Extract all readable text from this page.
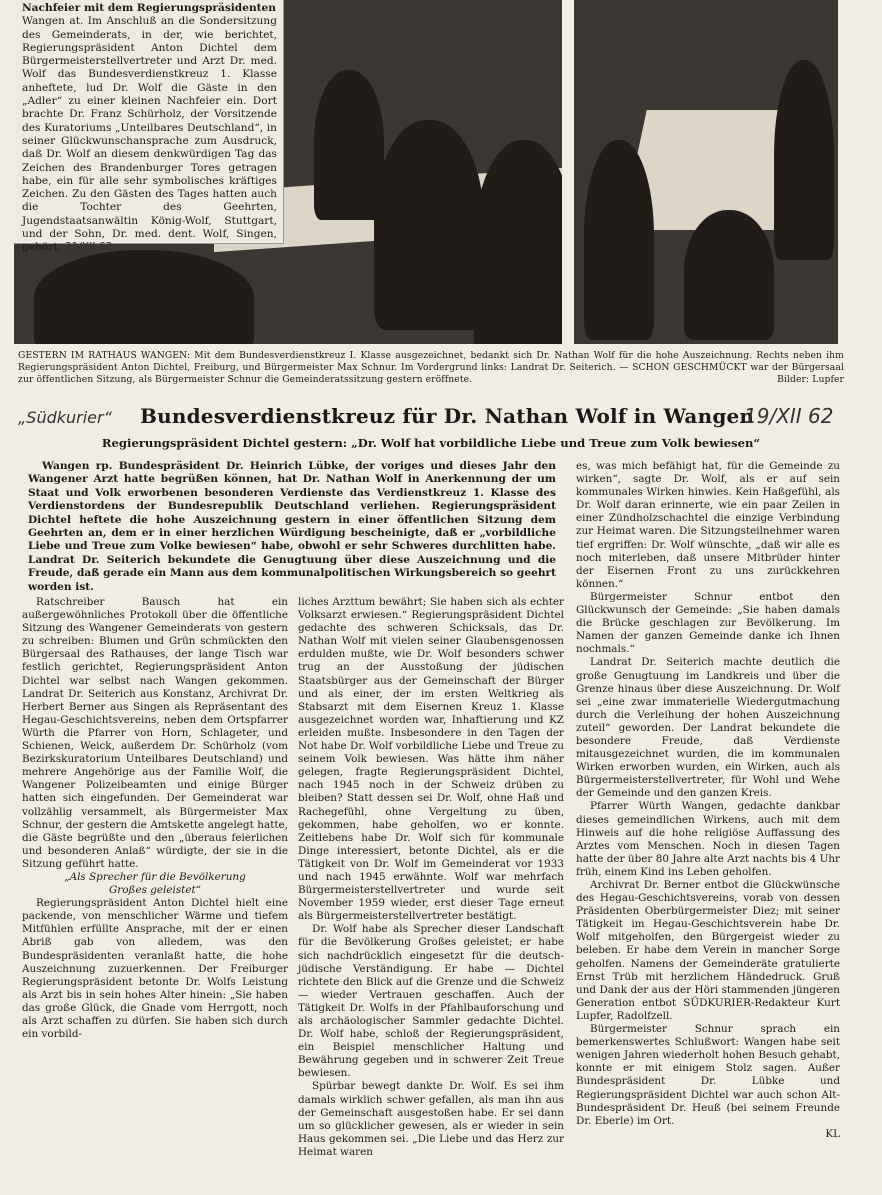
Nachfeier mit dem Regierungspräsidenten
Wangen at. Im Anschluß an die Sondersitzung des Gemeinderats, in der, wie berichtet, Regierungspräsident Anton Dichtel dem Bürgermeisterstellvertreter und Arzt Dr. med. Wolf das Bundesverdienstkreuz 1. Klasse anheftete, lud Dr. Wolf die Gäste in den „Adler“ zu einer kleinen Nachfeier ein. Dort brachte Dr. Franz Schürholz, der Vorsitzende des Kuratoriums „Unteilbares Deutschland“, in seiner Glückwunschansprache zum Ausdruck, daß Dr. Wolf an diesem denkwürdigen Tag das Zeichen des Brandenburger Tores getragen habe, ein für alle sehr symbolisches kräftiges Zeichen. Zu den Gästen des Tages hatten auch die Tochter des Geehrten, Jugendstaatsanwältin König-Wolf, Stuttgart, und der Sohn, Dr. med. dent. Wolf, Singen, gehört. 21/XII 62
GESTERN IM RATHAUS WANGEN: Mit dem Bundesverdienstkreuz I. Klasse ausgezeichnet, bedankt sich Dr. Nathan Wolf für die hohe Auszeichnung. Rechts neben ihm Regierungspräsident Anton Dichtel, Freiburg, und Bürgermeister Max Schnur. Im Vordergrund links: Landrat Dr. Seiterich. — SCHON GESCHMÜCKT war der Bürgersaal zur öffentlichen Sitzung, als Bürgermeister Schnur die Gemeinderatssitzung gestern eröffnete.	Bilder: Lupfer
„Südkurier“ Bundesverdienstkreuz für Dr. Nathan Wolf in Wangen
19/XII 62
Regierungspräsident Dichtel gestern: „Dr. Wolf hat vorbildliche Liebe und Treue zum Volk bewiesen“
Wangen rp. Bundespräsident Dr. Heinrich Lübke, der voriges und dieses Jahr den Wangener Arzt hatte begrüßen können, hat Dr. Nathan Wolf in Anerkennung der um Staat und Volk erworbenen besonderen Verdienste das Verdienstkreuz 1. Klasse des Verdienstordens der Bundesrepublik Deutschland verliehen. Regierungspräsident Dichtel heftete die hohe Auszeichnung gestern in einer öffentlichen Sitzung dem Geehrten an, dem er in einer herzlichen Würdigung bescheinigte, daß er „vorbildliche Liebe und Treue zum Volke bewiesen“ habe, obwohl er sehr Schweres durchlitten habe. Landrat Dr. Seiterich bekundete die Genugtuung über diese Auszeichnung und die Freude, daß gerade ein Mann aus dem kommunalpolitischen Wirkungsbereich so geehrt worden ist.

Ratschreiber Bausch hat ein außergewöhnliches Protokoll über die öffentliche Sitzung des Wangener Gemeinderats von gestern zu schreiben: Blumen und Grün schmückten den Bürgersaal des Rathauses, der lange Tisch war festlich gerichtet, Regierungspräsident Anton Dichtel war selbst nach Wangen gekommen. Landrat Dr. Seiterich aus Konstanz, Archivrat Dr. Herbert Berner aus Singen als Repräsentant des Hegau-Geschichtsvereins, neben dem Ortspfarrer Würth die Pfarrer von Horn, Schlageter, und Schienen, Weick, außerdem Dr. Schürholz (vom Bezirkskuratorium Unteilbares Deutschland) und mehrere Angehörige aus der Familie Wolf, die Wangener Polizeibeamten und einige Bürger hatten sich eingefunden. Der Gemeinderat war vollzählig versammelt, als Bürgermeister Max Schnur, der gestern die Amtskette angelegt hatte, die Gäste begrüßte und den „überaus feierlichen und besonderen Anlaß“ würdigte, der sie in die Sitzung geführt hatte.

„Als Sprecher für die Bevölkerung

Großes geleistet“

Regierungspräsident Anton Dichtel hielt eine packende, von menschlicher Wärme und tiefem Mitfühlen erfüllte Ansprache, mit der er einen Abriß gab von alledem, was den Bundespräsidenten veranlaßt hatte, die hohe Auszeichnung zuzuerkennen. Der Freiburger Regierungspräsident betonte Dr. Wolfs Leistung als Arzt bis in sein hohes Alter hinein: „Sie haben das große Glück, die Gnade vom Herrgott, noch als Arzt schaffen zu dürfen. Sie haben sich durch ein vorbild-

liches Arzttum bewährt; Sie haben sich als echter Volksarzt erwiesen.“ Regierungspräsident Dichtel gedachte des schweren Schicksals, das Dr. Nathan Wolf mit vielen seiner Glaubensgenossen erdulden mußte, wie Dr. Wolf besonders schwer trug an der Ausstoßung der jüdischen Staatsbürger aus der Gemeinschaft der Bürger und als einer, der im ersten Weltkrieg als Stabsarzt mit dem Eisernen Kreuz 1. Klasse ausgezeichnet worden war, Inhaftierung und KZ erleiden mußte. Insbesondere in den Tagen der Not habe Dr. Wolf vorbildliche Liebe und Treue zu seinem Volk bewiesen. Was hätte ihm näher gelegen, fragte Regierungspräsident Dichtel, nach 1945 noch in der Schweiz drüben zu bleiben? Statt dessen sei Dr. Wolf, ohne Haß und Rachegefühl, ohne Vergeltung zu üben, gekommen, habe geholfen, wo er konnte. Zeitlebens habe Dr. Wolf sich für kommunale Dinge interessiert, betonte Dichtel, als er die Tätigkeit von Dr. Wolf im Gemeinderat vor 1933 und nach 1945 erwähnte. Wolf war mehrfach Bürgermeisterstellvertreter und wurde seit November 1959 wieder, erst dieser Tage erneut als Bürgermeisterstellvertreter bestätigt.

Dr. Wolf habe als Sprecher dieser Landschaft für die Bevölkerung Großes geleistet; er habe sich nachdrücklich eingesetzt für die deutsch-jüdische Verständigung. Er habe — Dichtel richtete den Blick auf die Grenze und die Schweiz — wieder Vertrauen geschaffen. Auch der Tätigkeit Dr. Wolfs in der Pfahlbauforschung und als archäologischer Sammler gedachte Dichtel. Dr. Wolf habe, schloß der Regierungspräsident, ein Beispiel menschlicher Haltung und Bewährung gegeben und in schwerer Zeit Treue bewiesen.

Spürbar bewegt dankte Dr. Wolf. Es sei ihm damals wirklich schwer gefallen, als man ihn aus der Gemeinschaft ausgestoßen habe. Er sei dann um so glücklicher gewesen, als er wieder in sein Haus gekommen sei. „Die Liebe und das Herz zur Heimat waren

es, was mich befähigt hat, für die Gemeinde zu wirken“, sagte Dr. Wolf, als er auf sein kommunales Wirken hinwies. Kein Haßgefühl, als Dr. Wolf daran erinnerte, wie ein paar Zeilen in einer Zündholzschachtel die einzige Verbindung zur Heimat waren. Die Sitzungsteilnehmer waren tief ergriffen: Dr. Wolf wünschte, „daß wir alle es noch miterleben, daß unsere Mitbrüder hinter der Eisernen Front zu uns zurückkehren können.“

Bürgermeister Schnur entbot den Glückwunsch der Gemeinde: „Sie haben damals die Brücke geschlagen zur Bevölkerung. Im Namen der ganzen Gemeinde danke ich Ihnen nochmals.“

Landrat Dr. Seiterich machte deutlich die große Genugtuung im Landkreis und über die Grenze hinaus über diese Auszeichnung. Dr. Wolf sei „eine zwar immaterielle Wiedergutmachung durch die Verleihung der hohen Auszeichnung zuteil“ geworden. Der Landrat bekundete die besondere Freude, daß Verdienste mitausgezeichnet wurden, die im kommunalen Wirken erworben wurden, ein Wirken, auch als Bürgermeisterstellvertreter, für Wohl und Wehe der Gemeinde und den ganzen Kreis.

Pfarrer Würth Wangen, gedachte dankbar dieses gemeindlichen Wirkens, auch mit dem Hinweis auf die hohe religiöse Auffassung des Arztes vom Menschen. Noch in diesen Tagen hatte der über 80 Jahre alte Arzt nachts bis 4 Uhr früh, einem Kind ins Leben geholfen.

Archivrat Dr. Berner entbot die Glückwünsche des Hegau-Geschichtsvereins, vorab von dessen Präsidenten Oberbürgermeister Diez; mit seiner Tätigkeit im Hegau-Geschichtsverein habe Dr. Wolf mitgeholfen, den Bürgergeist wieder zu beleben. Er habe dem Verein in mancher Sorge geholfen. Namens der Gemeinderäte gratulierte Ernst Trüb mit herzlichem Händedruck. Gruß und Dank der aus der Höri stammenden jüngeren Generation entbot SÜDKURIER-Redakteur Kurt Lupfer, Radolfzell.

Bürgermeister Schnur sprach ein bemerkenswertes Schlußwort: Wangen habe seit wenigen Jahren wiederholt hohen Besuch gehabt, konnte er mit einigem Stolz sagen. Außer Bundespräsident Dr. Lübke und Regierungspräsident Dichtel war auch schon Alt-Bundespräsident Dr. Heuß (bei seinem Freunde Dr. Eberle) im Ort.

KL
